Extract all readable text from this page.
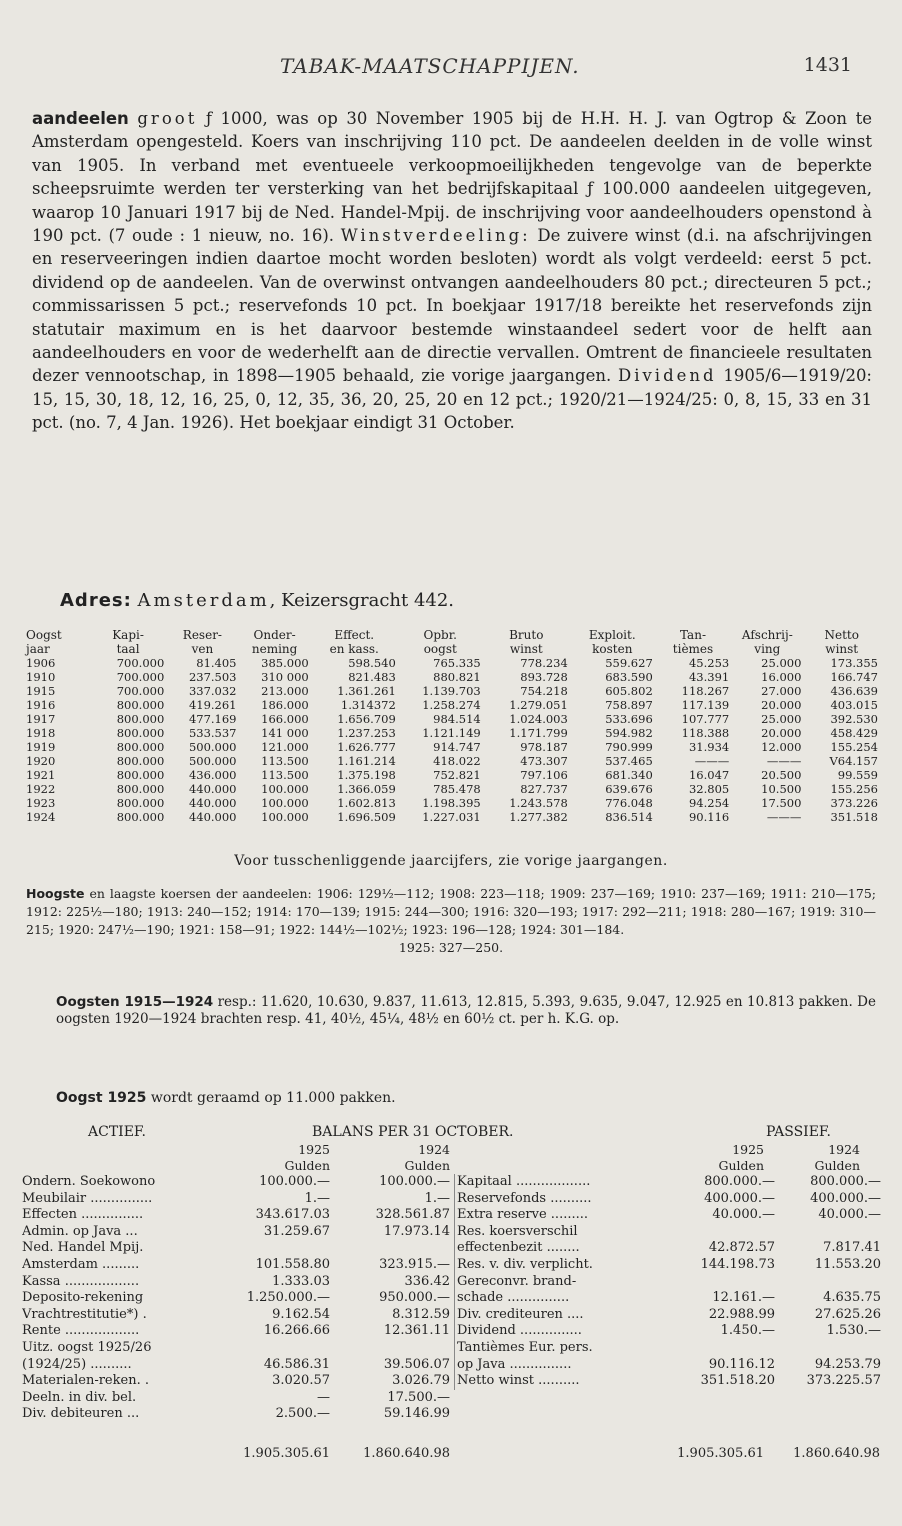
TABAK-MAATSCHAPPIJEN.	1431
aandeelen groot ƒ 1000, was op 30 November 1905 bij de H.H. H. J. van Ogtrop & Zoon te Amsterdam opengesteld. Koers van inschrijving 110 pct. De aandeelen deelden in de volle winst van 1905. In verband met eventueele verkoopmoeilijkheden tengevolge van de beperkte scheepsruimte werden ter versterking van het bedrijfskapitaal ƒ 100.000 aandeelen uitgegeven, waarop 10 Januari 1917 bij de Ned. Handel-Mpij. de inschrijving voor aandeelhouders openstond à 190 pct. (7 oude : 1 nieuw, no. 16). Winstverdeeling: De zuivere winst (d.i. na afschrijvingen en reserveeringen indien daartoe mocht worden besloten) wordt als volgt verdeeld: eerst 5 pct. dividend op de aandeelen. Van de overwinst ontvangen aandeelhouders 80 pct.; directeuren 5 pct.; commissarissen 5 pct.; reservefonds 10 pct. In boekjaar 1917/18 bereikte het reservefonds zijn statutair maximum en is het daarvoor bestemde winstaandeel sedert voor de helft aan aandeelhouders en voor de wederhelft aan de directie vervallen. Omtrent de financieele resultaten dezer vennootschap, in 1898—1905 behaald, zie vorige jaargangen. Dividend 1905/6—1919/20: 15, 15, 30, 18, 12, 16, 25, 0, 12, 35, 36, 20, 25, 20 en 12 pct.; 1920/21—1924/25: 0, 8, 15, 33 en 31 pct. (no. 7, 4 Jan. 1926). Het boekjaar eindigt 31 October.
Adres: Amsterdam, Keizersgracht 442.
Oogst	Kapi-	Reser-	Onder-	Effect.	Opbr.	Bruto	Exploit.	Tan-	Afschrij-	Netto
jaar	taal	ven	neming	en kass.	oogst	winst	kosten	tièmes	ving	winst
1906	700.000	81.405	385.000	598.540	765.335	778.234	559.627	45.253	25.000	173.355
1910	700.000	237.503	310 000	821.483	880.821	893.728	683.590	43.391	16.000	166.747
1915	700.000	337.032	213.000	1.361.261	1.139.703	754.218	605.802	118.267	27.000	436.639
1916	800.000	419.261	186.000	1.314372	1.258.274	1.279.051	758.897	117.139	20.000	403.015
1917	800.000	477.169	166.000	1.656.709	984.514	1.024.003	533.696	107.777	25.000	392.530
1918	800.000	533.537	141 000	1.237.253	1.121.149	1.171.799	594.982	118.388	20.000	458.429
1919	800.000	500.000	121.000	1.626.777	914.747	978.187	790.999	31.934	12.000	155.254
1920	800.000	500.000	113.500	1.161.214	418.022	473.307	537.465	———	———	V64.157
1921	800.000	436.000	113.500	1.375.198	752.821	797.106	681.340	16.047	20.500	99.559
1922	800.000	440.000	100.000	1.366.059	785.478	827.737	639.676	32.805	10.500	155.256
1923	800.000	440.000	100.000	1.602.813	1.198.395	1.243.578	776.048	94.254	17.500	373.226
1924	800.000	440.000	100.000	1.696.509	1.227.031	1.277.382	836.514	90.116	———	351.518
Voor tusschenliggende jaarcijfers, zie vorige jaargangen.
Hoogste en laagste koersen der aandeelen: 1906: 129½—112; 1908: 223—118; 1909: 237—169; 1910: 237—169; 1911: 210—175; 1912: 225½—180; 1913: 240—152; 1914: 170—139; 1915: 244—300; 1916: 320—193; 1917: 292—211; 1918: 280—167; 1919: 310—215; 1920: 247½—190; 1921: 158—91; 1922: 144½—102½; 1923: 196—128; 1924: 301—184.
1925: 327—250.
Oogsten 1915—1924 resp.: 11.620, 10.630, 9.837, 11.613, 12.815, 5.393, 9.635, 9.047, 12.925 en 10.813 pakken. De oogsten 1920—1924 brachten resp. 41, 40½, 45¼, 48½ en 60½ ct. per h. K.G. op.
Oogst 1925 wordt geraamd op 11.000 pakken.
ACTIEF.	BALANS PER 31 OCTOBER.	PASSIEF.
1925	1924
Gulden	Gulden
1925	1924
Gulden	Gulden
Ondern. Soekowono	100.000.—	100.000.—
Meubilair ...............	1.—	1.—
Effecten ...............	343.617.03	328.561.87
Admin. op Java ...	31.259.67	17.973.14
Ned. Handel Mpij.
Amsterdam .........	101.558.80	323.915.—
Kassa ..................	1.333.03	336.42
Deposito-rekening	1.250.000.—	950.000.—
Vrachtrestitutie*) .	9.162.54	8.312.59
Rente ..................	16.266.66	12.361.11
Uitz. oogst 1925/26
(1924/25) ..........	46.586.31	39.506.07
Materialen-reken. .	3.020.57	3.026.79
Deeln. in div. bel.	—	17.500.—
Div. debiteuren ...	2.500.—	59.146.99
Kapitaal ..................	800.000.—	800.000.—
Reservefonds ..........	400.000.—	400.000.—
Extra reserve .........	40.000.—	40.000.—
Res. koersverschil
effectenbezit ........	42.872.57	7.817.41
Res. v. div. verplicht.	144.198.73	11.553.20
Gereconvr. brand-
schade ...............	12.161.—	4.635.75
Div. crediteuren ....	22.988.99	27.625.26
Dividend ...............	1.450.—	1.530.—
Tantièmes Eur. pers.
op Java ...............	90.116.12	94.253.79
Netto winst ..........	351.518.20	373.225.57
1.905.305.61	1.860.640.98	1.905.305.61	1.860.640.98
